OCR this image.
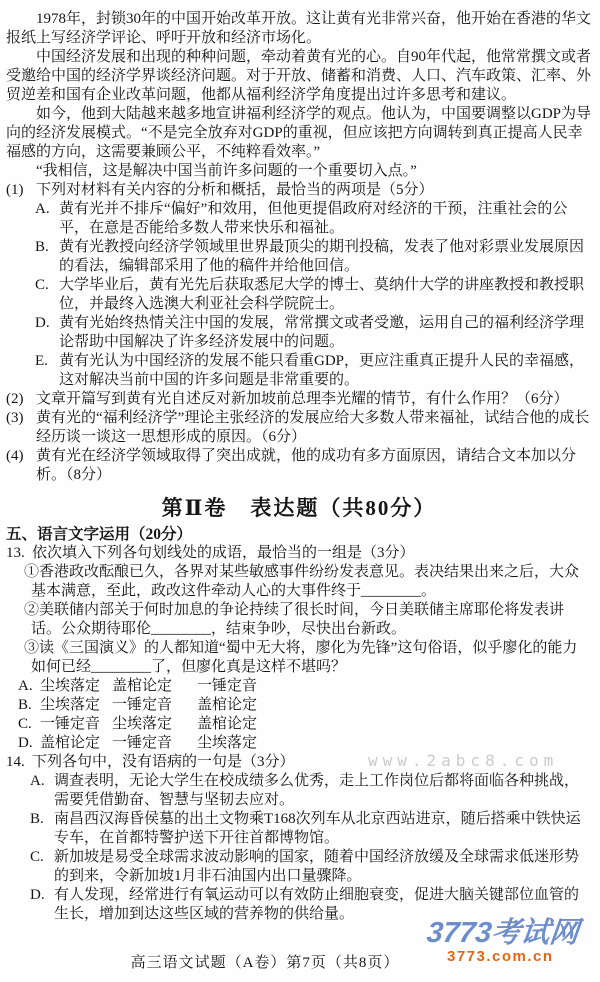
1978年，封锁30年的中国开始改革开放。这让黄有光非常兴奋，他开始在香港的华文报纸上写经济学评论、呼吁开放和经济市场化。

中国经济发展和出现的种种问题，牵动着黄有光的心。自90年代起，他常常撰文或者受邀给中国的经济学界谈经济问题。对于开放、储蓄和消费、人口、汽车政策、汇率、外贸逆差和国有企业改革问题，他都从福利经济学角度提出过许多思考和建议。

如今，他到大陆越来越多地宣讲福利经济学的观点。他认为，中国要调整以GDP为导向的经济发展模式。“不是完全放弃对GDP的重视，但应该把方向调转到真正提高人民幸福感的方向，这需要兼顾公平，不纯粹看效率。”

“我相信，这是解决中国当前许多问题的一个重要切入点。”

(1) 下列对材料有关内容的分析和概括，最恰当的两项是（5分）
A. 黄有光并不排斥“偏好”和效用，但他更提倡政府对经济的干预，注重社会的公平，在意是否能给多数人带来快乐和福祉。
B. 黄有光教授向经济学领域里世界最顶尖的期刊投稿，发表了他对彩票业发展原因的看法，编辑部采用了他的稿件并给他回信。
C. 大学毕业后，黄有光先后获取悉尼大学的博士、莫纳什大学的讲座教授和教授职位，并最终入选澳大利亚社会科学院院士。
D. 黄有光始终热情关注中国的发展，常常撰文或者受邀，运用自己的福利经济学理论帮助中国解决了许多经济发展中的问题。
E. 黄有光认为中国经济的发展不能只看重GDP，更应注重真正提升人民的幸福感，这对解决当前中国的许多问题是非常重要的。
(2) 文章开篇写到黄有光自述反对新加坡前总理李光耀的情节，有什么作用？（6分）
(3) 黄有光的“福利经济学”理论主张经济的发展应给大多数人带来福祉，试结合他的成长经历谈一谈这一思想形成的原因。（6分）
(4) 黄有光在经济学领域取得了突出成就，他的成功有多方面原因，请结合文本加以分析。（8分）
第Ⅱ卷　表达题（共80分）
五、语言文字运用（20分）
13. 依次填入下列各句划线处的成语，最恰当的一组是（3分）
①香港政改酝酿已久，各界对某些敏感事件纷纷发表意见。表决结果出来之后，大众基本满意，至此，政改这件牵动人心的大事件终于________。
②美联储内部关于何时加息的争论持续了很长时间，今日美联储主席耶伦将发表讲话。公众期待耶伦________，结束争吵，尽快出台新政。
③读《三国演义》的人都知道“蜀中无大将，廖化为先锋”这句俗语，似乎廖化的能力如何已经________了，但廖化真是这样不堪吗？
A. 尘埃落定 盖棺论定	一锤定音
B. 尘埃落定 一锤定音	盖棺论定
C. 一锤定音 尘埃落定	盖棺论定
D. 盖棺论定 一锤定音	尘埃落定
14. 下列各句中，没有语病的一句是（3分）
A. 调查表明，无论大学生在校成绩多么优秀，走上工作岗位后都将面临各种挑战，需要凭借勤奋、智慧与坚韧去应对。
B. 南昌西汉海昏侯墓的出土文物乘T168次列车从北京西站进京，随后搭乘中铁快运专车，在首都特警护送下开往首都博物馆。
C. 新加坡是易受全球需求波动影响的国家，随着中国经济放缓及全球需求低迷形势的到来，令新加坡1月非石油国内出口量骤降。
D. 有人发现，经常进行有氧运动可以有效防止细胞衰变，促进大脑关键部位血管的生长，增加到达这些区域的营养物的供给量。
高三语文试题（A卷）第7页（共8页）
www.2abc8.com
3773考试网
3773.com.cn
